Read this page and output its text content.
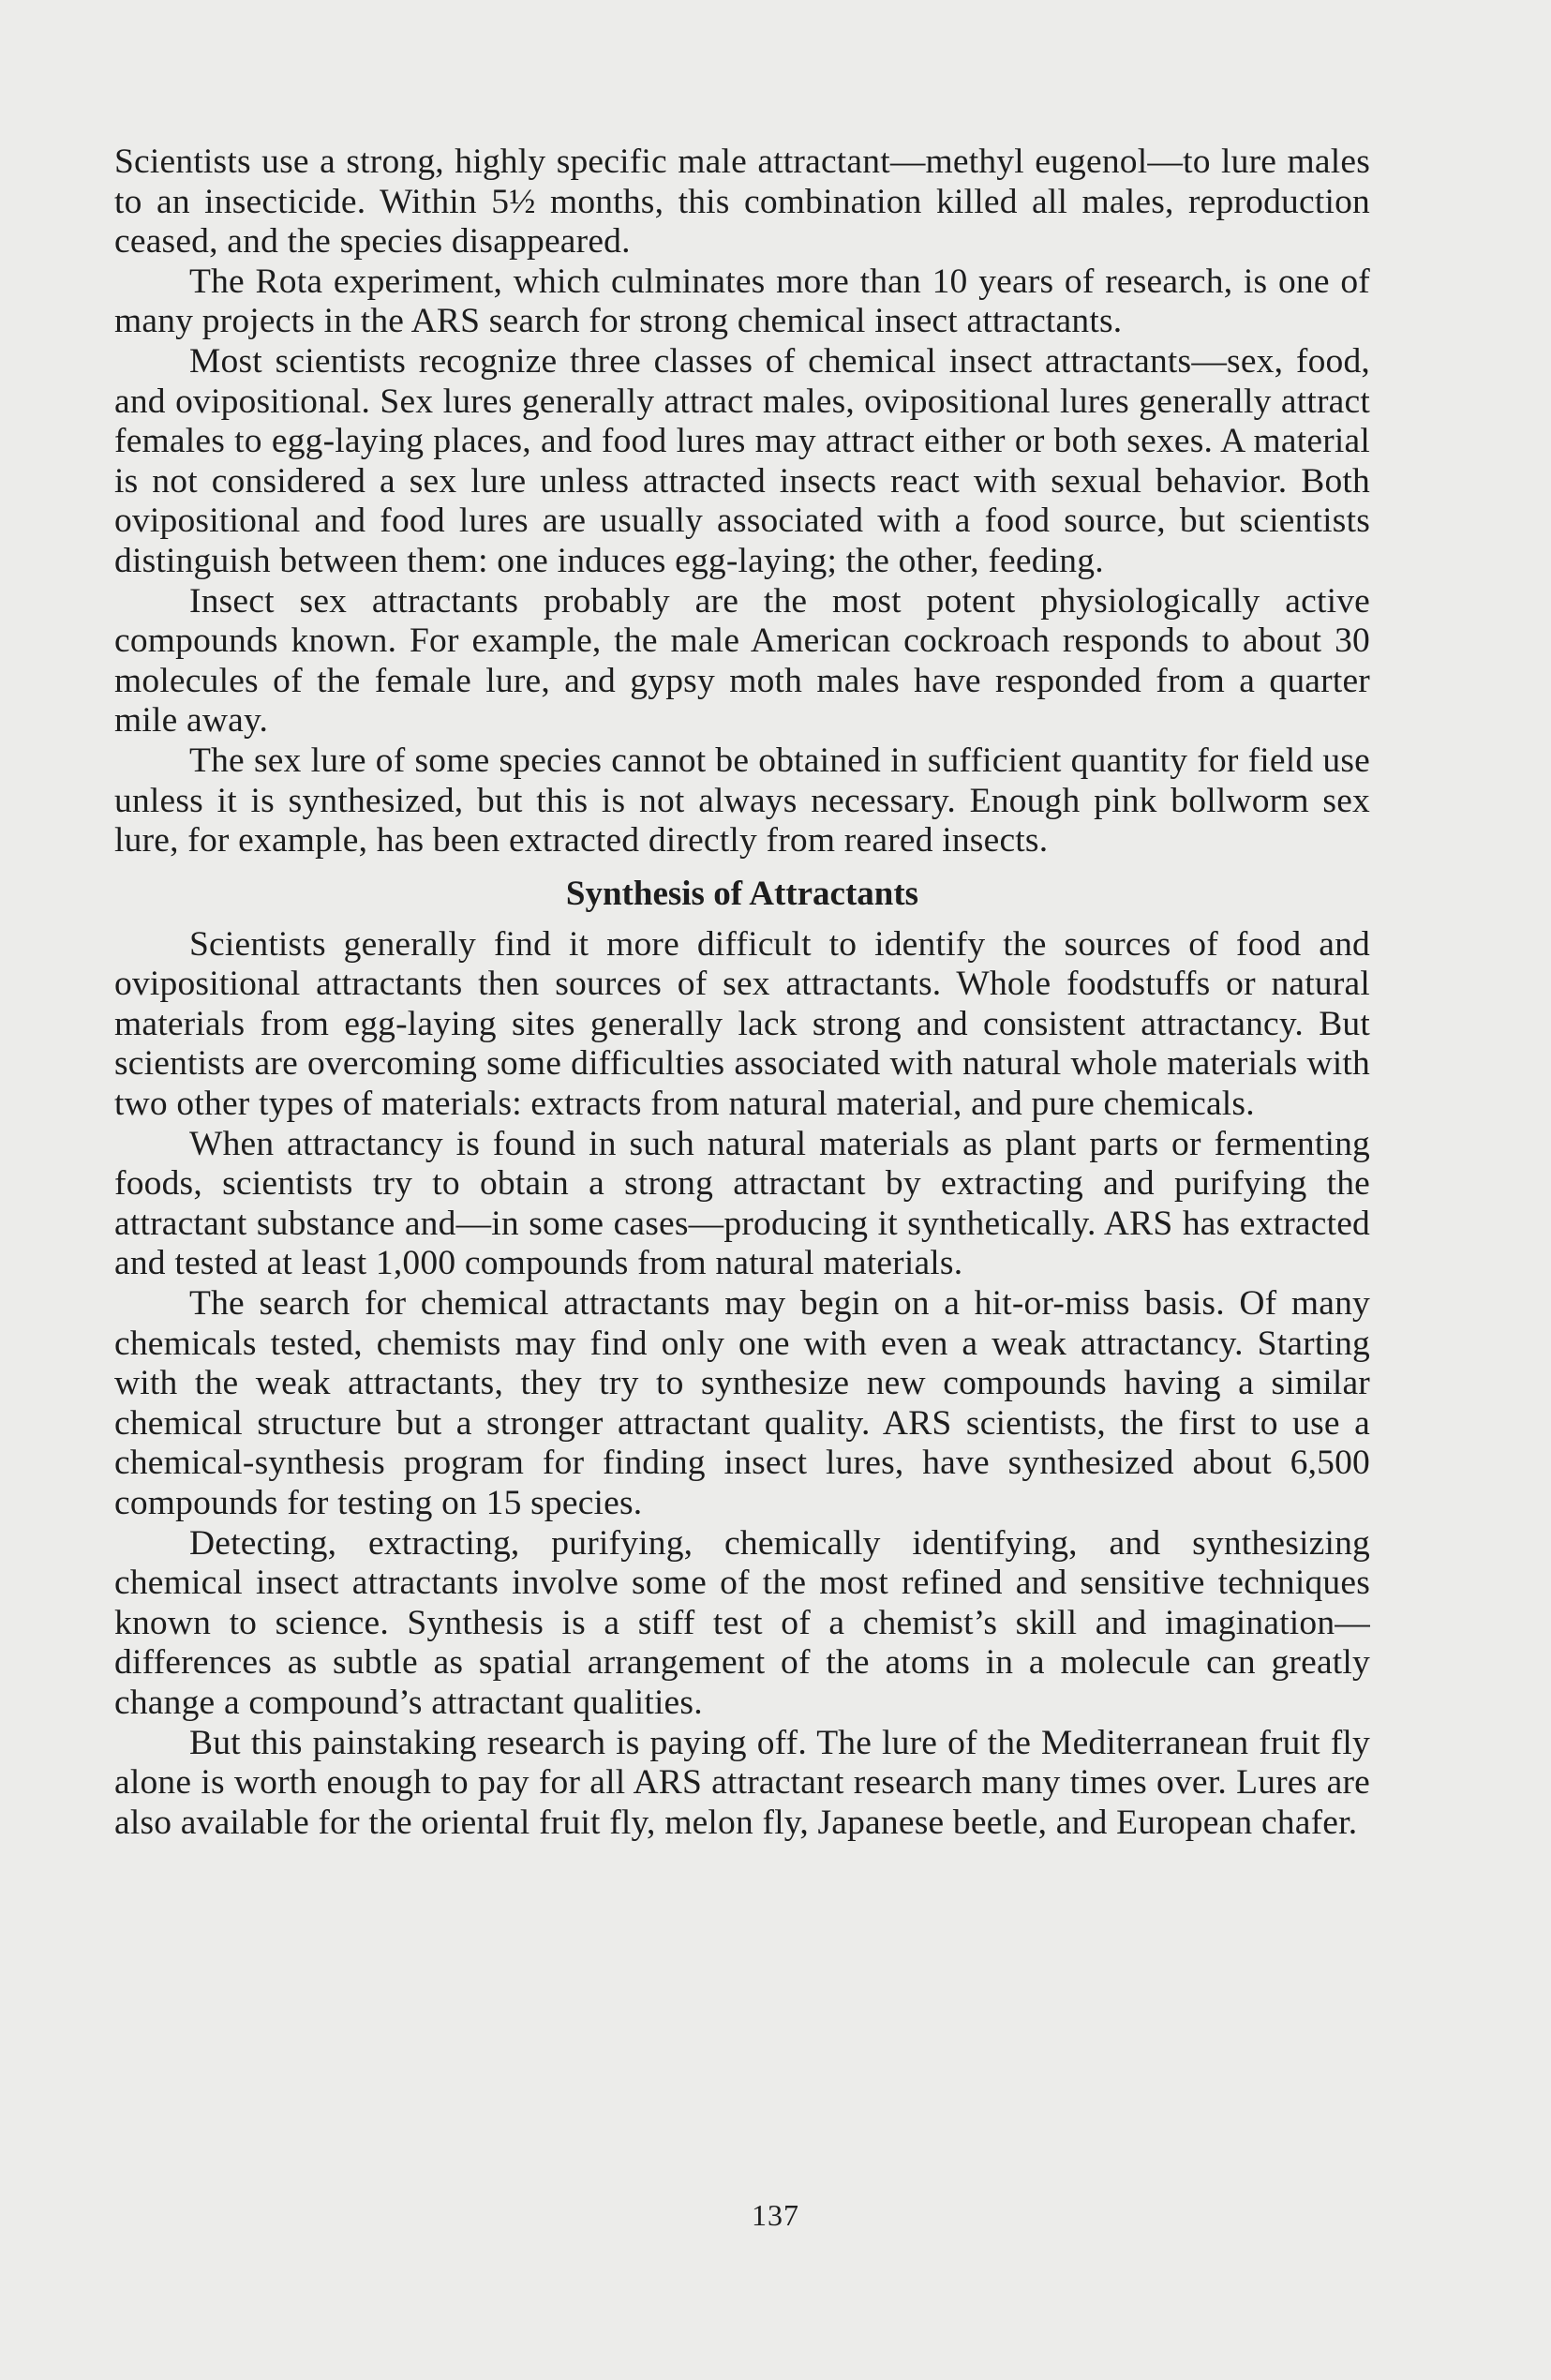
Scientists use a strong, highly specific male attractant—methyl eugenol—to lure males to an insecticide. Within 5½ months, this combination killed all males, reproduction ceased, and the species disappeared.

The Rota experiment, which culminates more than 10 years of research, is one of many projects in the ARS search for strong chemical insect attractants.

Most scientists recognize three classes of chemical insect attractants—sex, food, and ovipositional. Sex lures generally attract males, ovipositional lures generally attract females to egg-laying places, and food lures may attract either or both sexes. A material is not considered a sex lure unless attracted insects react with sexual behavior. Both ovipositional and food lures are usually associated with a food source, but scientists distinguish between them: one induces egg-laying; the other, feeding.

Insect sex attractants probably are the most potent physiologically active compounds known. For example, the male American cockroach responds to about 30 molecules of the female lure, and gypsy moth males have responded from a quarter mile away.

The sex lure of some species cannot be obtained in sufficient quantity for field use unless it is synthesized, but this is not always necessary. Enough pink bollworm sex lure, for example, has been extracted directly from reared insects.

Synthesis of Attractants

Scientists generally find it more difficult to identify the sources of food and ovipositional attractants then sources of sex attractants. Whole foodstuffs or natural materials from egg-laying sites generally lack strong and consistent attractancy. But scientists are overcoming some difficulties associated with natural whole materials with two other types of materials: extracts from natural material, and pure chemicals.

When attractancy is found in such natural materials as plant parts or fermenting foods, scientists try to obtain a strong attractant by extracting and purifying the attractant substance and—in some cases—producing it synthetically. ARS has extracted and tested at least 1,000 compounds from natural materials.

The search for chemical attractants may begin on a hit-or-miss basis. Of many chemicals tested, chemists may find only one with even a weak attractancy. Starting with the weak attractants, they try to synthesize new compounds having a similar chemical structure but a stronger attractant quality. ARS scientists, the first to use a chemical-synthesis program for finding insect lures, have synthesized about 6,500 compounds for testing on 15 species.

Detecting, extracting, purifying, chemically identifying, and synthesizing chemical insect attractants involve some of the most refined and sensitive techniques known to science. Synthesis is a stiff test of a chemist’s skill and imagination—differences as subtle as spatial arrangement of the atoms in a molecule can greatly change a compound’s attractant qualities.

But this painstaking research is paying off. The lure of the Mediterranean fruit fly alone is worth enough to pay for all ARS attractant research many times over. Lures are also available for the oriental fruit fly, melon fly, Japanese beetle, and European chafer.

137
